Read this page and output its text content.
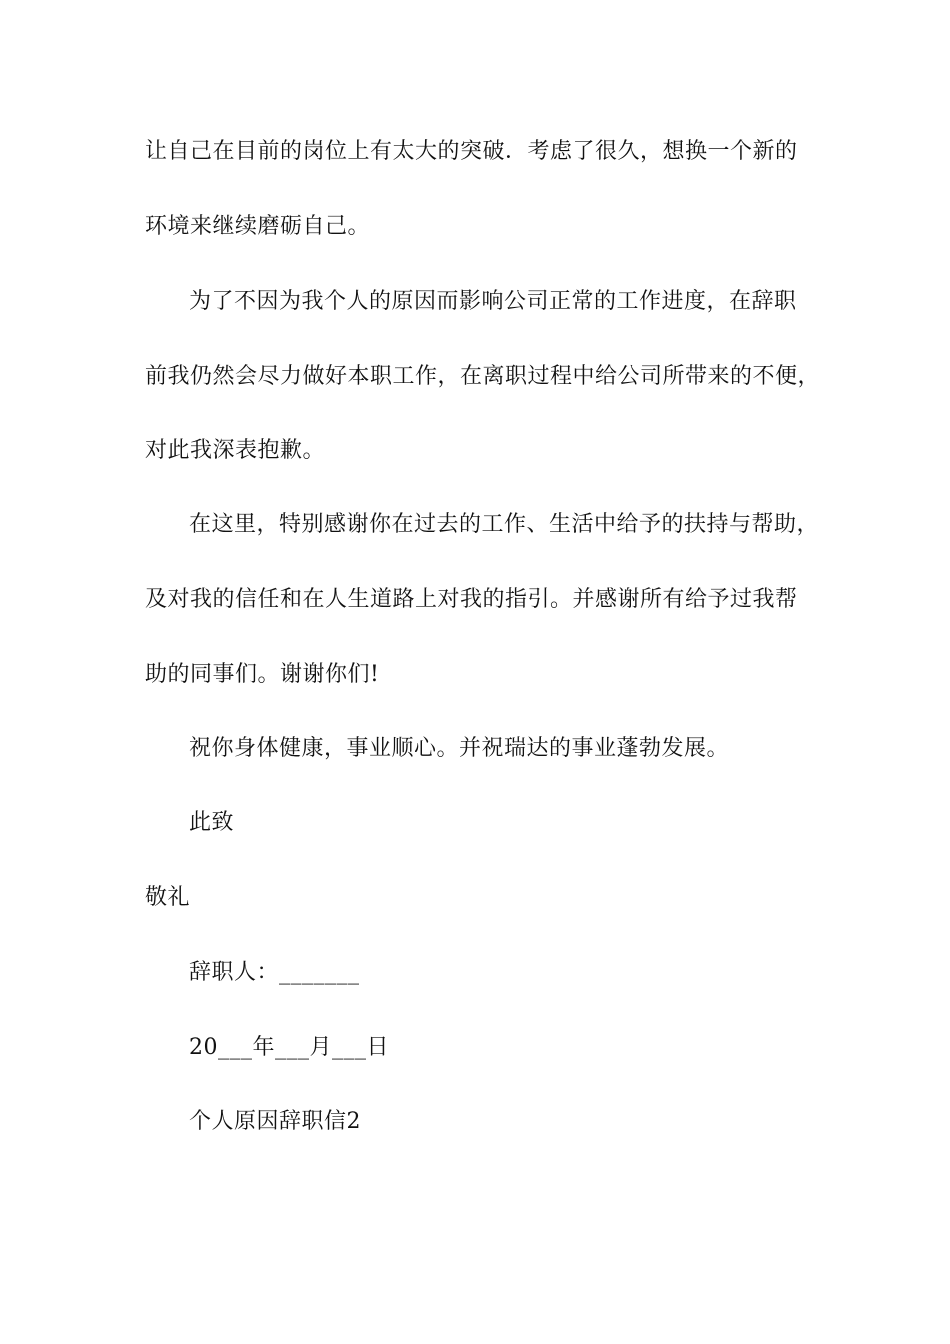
让自己在目前的岗位上有太大的突破．考虑了很久，想换一个新的
环境来继续磨砺自己。
为了不因为我个人的原因而影响公司正常的工作进度，在辞职
前我仍然会尽力做好本职工作，在离职过程中给公司所带来的不便，
对此我深表抱歉。
在这里，特别感谢你在过去的工作、生活中给予的扶持与帮助，
及对我的信任和在人生道路上对我的指引。并感谢所有给予过我帮
助的同事们。谢谢你们!
祝你身体健康，事业顺心。并祝瑞达的事业蓬勃发展。
此致
敬礼
辞职人：_______
20___年___月___日
个人原因辞职信2
